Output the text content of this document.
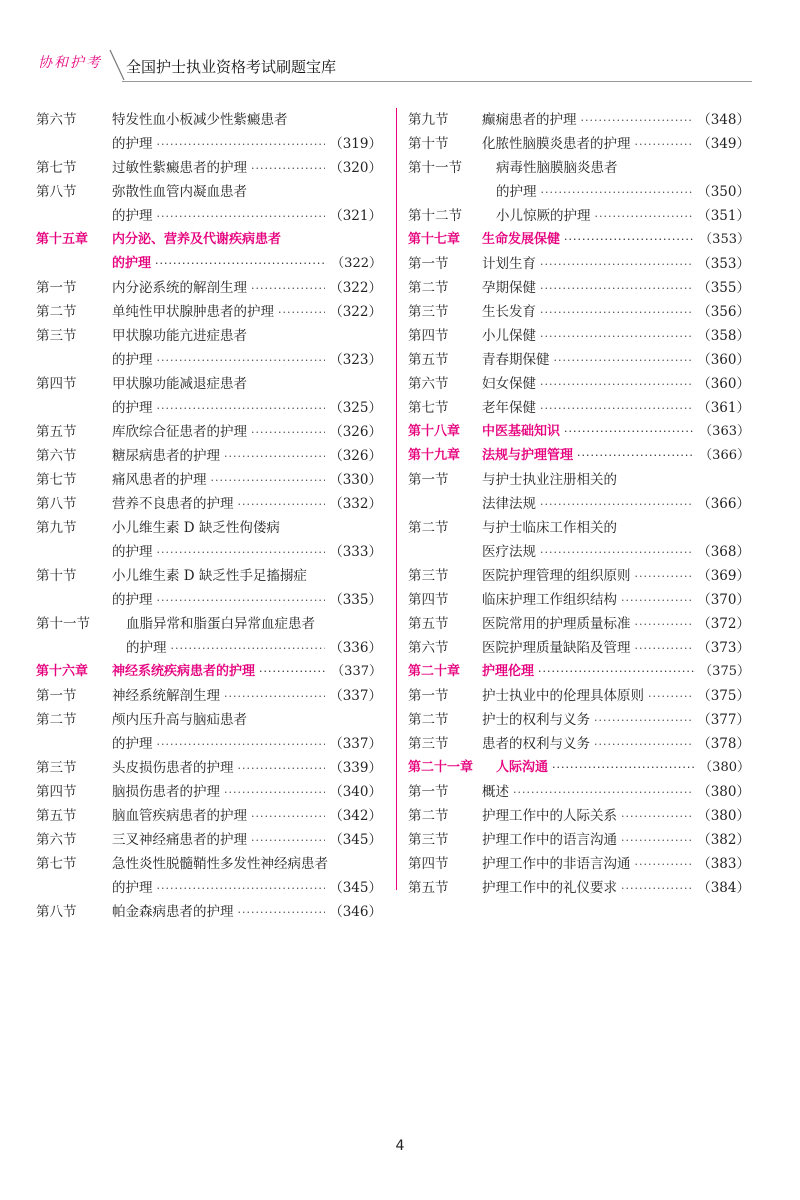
协和护考 全国护士执业资格考试刷题宝库
第六节	特发性血小板减少性紫癜患者
的护理 ·····	（319）
第七节	过敏性紫癜患者的护理 ·····	（320）
第八节	弥散性血管内凝血患者
的护理 ·····	（321）
第十五章	内分泌、营养及代谢疾病患者
的护理 ·····	（322）
第一节	内分泌系统的解剖生理 ·····	（322）
第二节	单纯性甲状腺肿患者的护理 ·····	（322）
第三节	甲状腺功能亢进症患者
的护理 ·····	（323）
第四节	甲状腺功能减退症患者
的护理 ·····	（325）
第五节	库欣综合征患者的护理 ·····	（326）
第六节	糖尿病患者的护理 ·····	（326）
第七节	痛风患者的护理 ·····	（330）
第八节	营养不良患者的护理 ·····	（332）
第九节	小儿维生素 D 缺乏性佝偻病
的护理 ·····	（333）
第十节	小儿维生素 D 缺乏性手足搐搦症
的护理 ·····	（335）
第十一节	血脂异常和脂蛋白异常血症患者
的护理 ·····	（336）
第十六章	神经系统疾病患者的护理 ·····	（337）
第一节	神经系统解剖生理 ·····	（337）
第二节	颅内压升高与脑疝患者
的护理 ·····	（337）
第三节	头皮损伤患者的护理 ·····	（339）
第四节	脑损伤患者的护理 ·····	（340）
第五节	脑血管疾病患者的护理 ·····	（342）
第六节	三叉神经痛患者的护理 ·····	（345）
第七节	急性炎性脱髓鞘性多发性神经病患者
的护理 ·····	（345）
第八节	帕金森病患者的护理 ·····	（346）
第九节	癫痫患者的护理 ·····	（348）
第十节	化脓性脑膜炎患者的护理 ·····	（349）
第十一节	病毒性脑膜脑炎患者
的护理 ·····	（350）
第十二节	小儿惊厥的护理 ·····	（351）
第十七章	生命发展保健 ·····	（353）
第一节	计划生育 ·····	（353）
第二节	孕期保健 ·····	（355）
第三节	生长发育 ·····	（356）
第四节	小儿保健 ·····	（358）
第五节	青春期保健 ·····	（360）
第六节	妇女保健 ·····	（360）
第七节	老年保健 ·····	（361）
第十八章	中医基础知识 ·····	（363）
第十九章	法规与护理管理 ·····	（366）
第一节	与护士执业注册相关的
法律法规 ·····	（366）
第二节	与护士临床工作相关的
医疗法规 ·····	（368）
第三节	医院护理管理的组织原则 ·····	（369）
第四节	临床护理工作组织结构 ·····	（370）
第五节	医院常用的护理质量标准 ·····	（372）
第六节	医院护理质量缺陷及管理 ·····	（373）
第二十章	护理伦理 ·····	（375）
第一节	护士执业中的伦理具体原则 ·····	（375）
第二节	护士的权利与义务 ·····	（377）
第三节	患者的权利与义务 ·····	（378）
第二十一章	人际沟通 ·····	（380）
第一节	概述 ·····	（380）
第二节	护理工作中的人际关系 ·····	（380）
第三节	护理工作中的语言沟通 ·····	（382）
第四节	护理工作中的非语言沟通 ·····	（383）
第五节	护理工作中的礼仪要求 ·····	（384）
4
